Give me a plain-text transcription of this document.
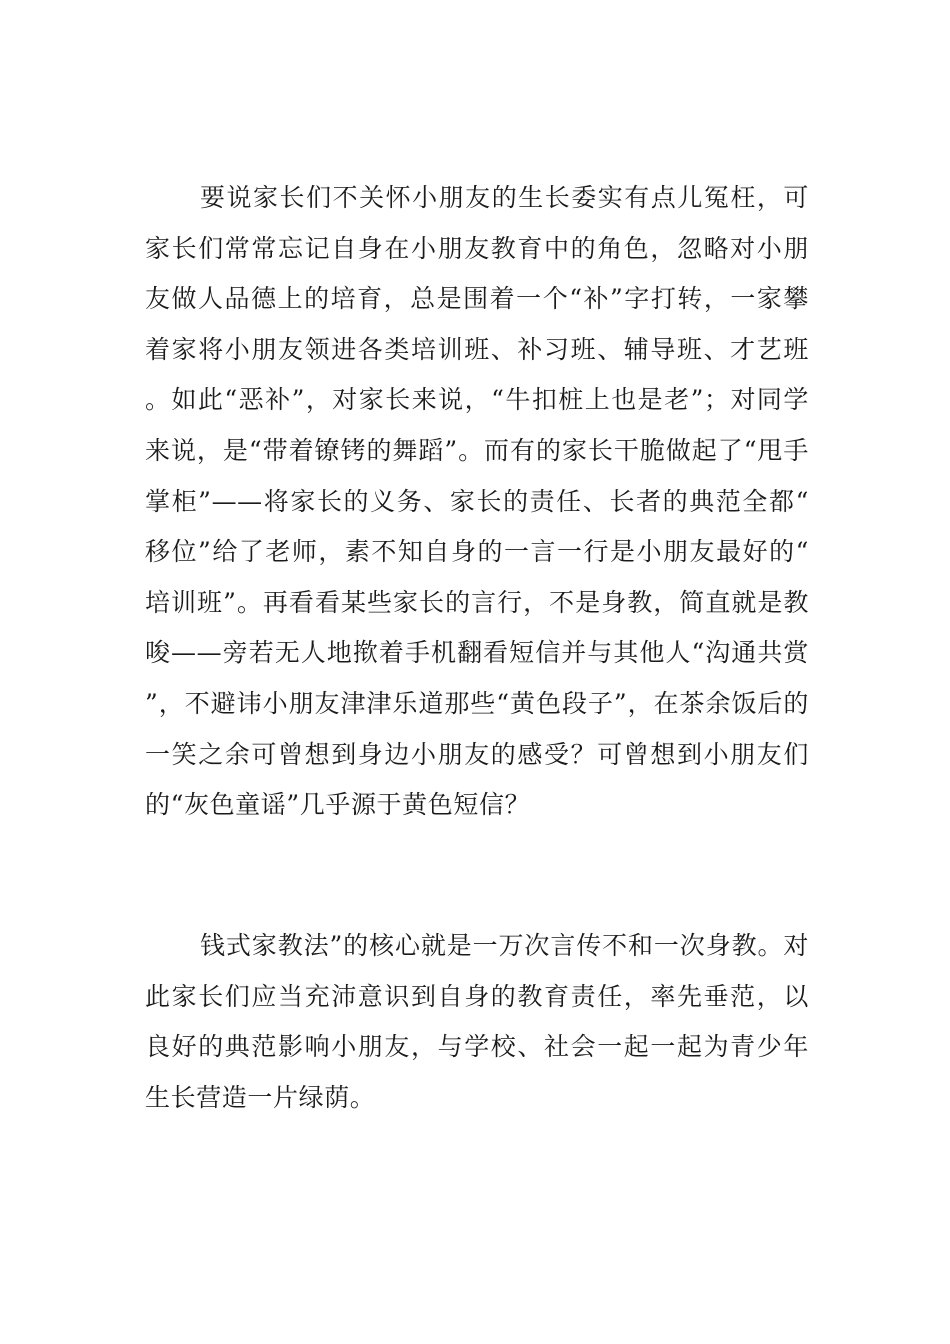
要说家长们不关怀小朋友的生长委实有点儿冤枉，可家长们常常忘记自身在小朋友教育中的角色，忽略对小朋友做人品德上的培育，总是围着一个“补”字打转，一家攀着家将小朋友领进各类培训班、补习班、辅导班、才艺班。如此“恶补”，对家长来说，“牛扣桩上也是老”；对同学来说，是“带着镣铐的舞蹈”。而有的家长干脆做起了“甩手掌柜”——将家长的义务、家长的责任、长者的典范全都“移位”给了老师，素不知自身的一言一行是小朋友最好的“培训班”。再看看某些家长的言行，不是身教，简直就是教唆——旁若无人地揿着手机翻看短信并与其他人“沟通共赏”，不避讳小朋友津津乐道那些“黄色段子”，在茶余饭后的一笑之余可曾想到身边小朋友的感受？可曾想到小朋友们的“灰色童谣”几乎源于黄色短信？

钱式家教法”的核心就是一万次言传不和一次身教。对此家长们应当充沛意识到自身的教育责任，率先垂范，以良好的典范影响小朋友，与学校、社会一起一起为青少年生长营造一片绿荫。
